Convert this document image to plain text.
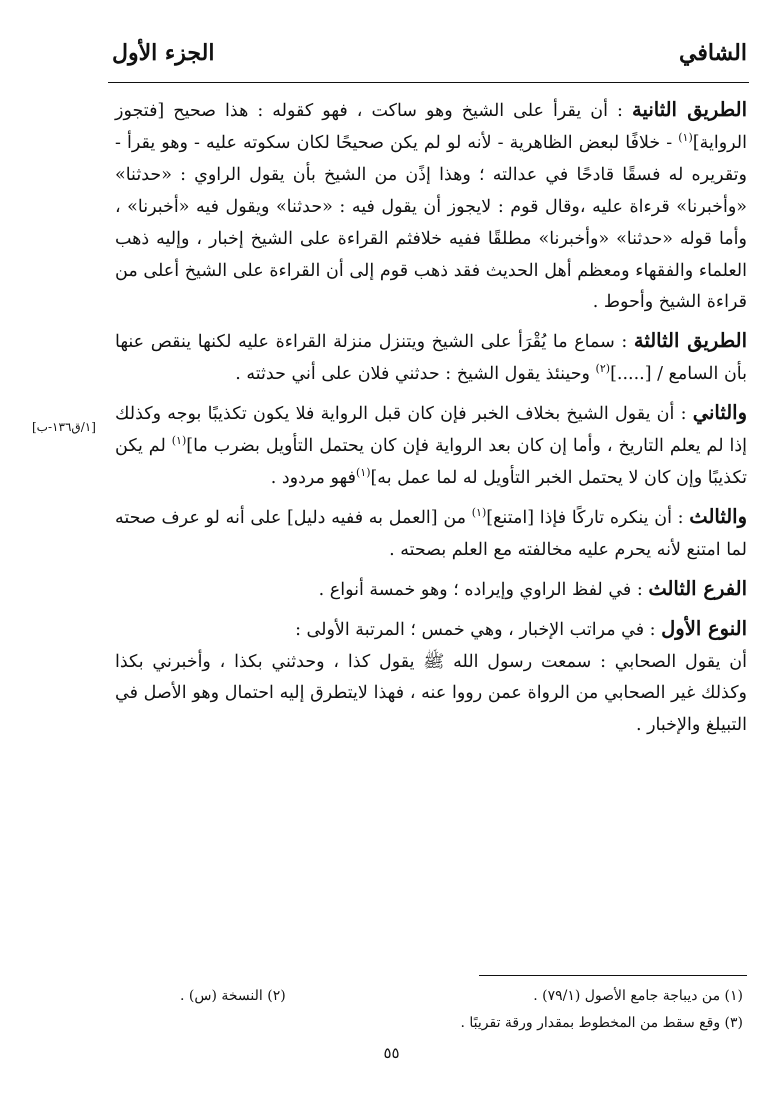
الشافي
الجزء الأول

الطريق الثانية : أن يقرأ على الشيخ وهو ساكت ، فهو كقوله : هذا صحيح [فتجوز الرواية]$^{(١)}$ - خلافًا لبعض الظاهرية - لأنه لو لم يكن صحيحًا لكان سكوته عليه - وهو يقرأ - وتقريره له فسقًا قادحًا في عدالته ؛ وهذا إذًن من الشيخ بأن يقول الراوي : «حدثنا» «وأخبرنا» قرءاة عليه ،وقال قوم : لايجوز أن يقول فيه : «حدثنا» ويقول فيه «أخبرنا» ، وأما قوله «حدثنا» «وأخبرنا» مطلقًا ففيه خلافثم القراءة على الشيخ إخبار ، وإليه ذهب العلماء والفقهاء ومعظم أهل الحديث فقد ذهب قوم إلى أن القراءة على الشيخ أعلى من قراءة الشيخ وأحوط .

الطريق الثالثة : سماع ما يُقْرَأ على الشيخ ويتنزل منزلة القراءة عليه لكنها ينقص عنها بأن السامع / [.....]$^{(٢)}$ وحينئذ يقول الشيخ : حدثني فلان على أني حدثته .

والثاني : أن يقول الشيخ بخلاف الخبر فإن كان قبل الرواية فلا يكون تكذيبًا بوجه وكذلك إذا لم يعلم التاريخ ، وأما إن كان بعد الرواية فإن كان يحتمل التأويل بضرب ما]$^{(١)}$ لم يكن تكذيبًا وإن كان لا يحتمل الخبر التأويل له لما عمل به]$^{(١)}$فهو مردود .

والثالث : أن ينكره تاركًا فإذا [امتنع]$^{(١)}$ من [العمل به ففيه دليل] على أنه لو عرف صحته لما امتنع لأنه يحرم عليه مخالفته مع العلم بصحته .

الفرع الثالث : في لفظ الراوي وإيراده ؛ وهو خمسة أنواع .

النوع الأول : في مراتب الإخبار ، وهي خمس ؛ المرتبة الأولى :

أن يقول الصحابي : سمعت رسول الله ﷺ يقول كذا ، وحدثني بكذا ، وأخبرني بكذا وكذلك غير الصحابي من الرواة عمن رووا عنه ، فهذا لايتطرق إليه احتمال وهو الأصل في التبيلغ والإخبار .

[١/ق١٣٦-ب]
(١) من ديباجة جامع الأصول (٧٩/١) .
(٢) النسخة (س) .
(٣) وقع سقط من المخطوط بمقدار ورقة تقريبًا .
٥٥
